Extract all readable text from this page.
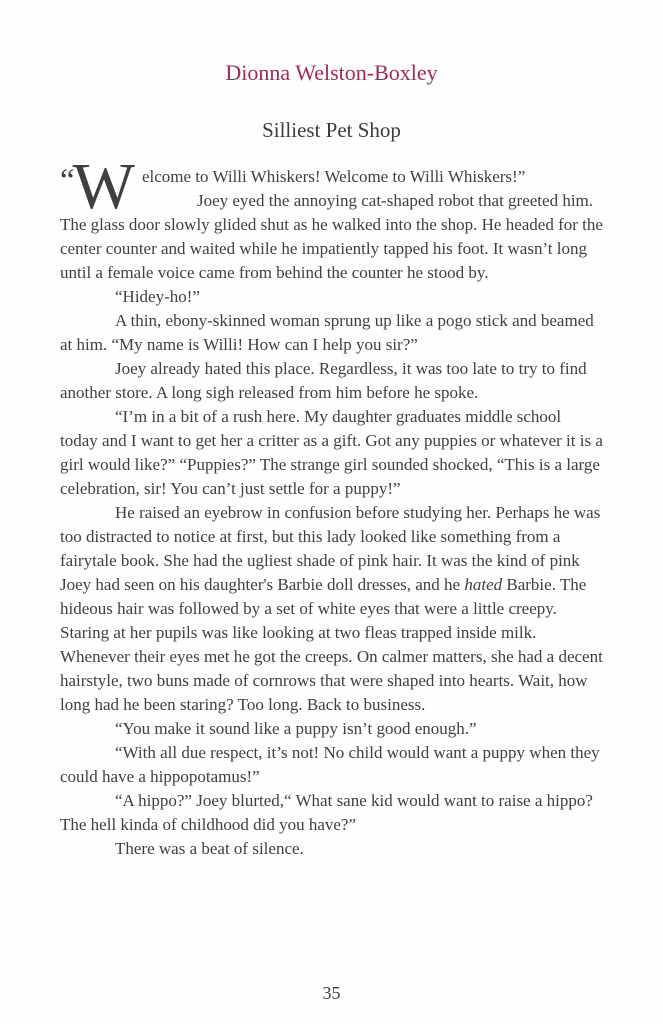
Dionna Welston-Boxley
Silliest Pet Shop

“ W elcome to Willi Whiskers! Welcome to Willi Whiskers!”

Joey eyed the annoying cat-shaped robot that greeted him. The glass door slowly glided shut as he walked into the shop. He headed for the center counter and waited while he impatiently tapped his foot. It wasn’t long until a female voice came from behind the counter he stood by.

“Hidey-ho!”

A thin, ebony-skinned woman sprung up like a pogo stick and beamed at him. “My name is Willi! How can I help you sir?”

Joey already hated this place. Regardless, it was too late to try to find another store. A long sigh released from him before he spoke.

“I’m in a bit of a rush here. My daughter graduates middle school today and I want to get her a critter as a gift. Got any puppies or whatever it is a girl would like?” “Puppies?” The strange girl sounded shocked, “This is a large celebration, sir! You can’t just settle for a puppy!”

He raised an eyebrow in confusion before studying her. Perhaps he was too distracted to notice at first, but this lady looked like something from a fairytale book. She had the ugliest shade of pink hair. It was the kind of pink Joey had seen on his daughter's Barbie doll dresses, and he hated Barbie. The hideous hair was followed by a set of white eyes that were a little creepy. Staring at her pupils was like looking at two fleas trapped inside milk. Whenever their eyes met he got the creeps. On calmer matters, she had a decent hairstyle, two buns made of cornrows that were shaped into hearts. Wait, how long had he been staring? Too long. Back to business.

“You make it sound like a puppy isn’t good enough.”

“With all due respect, it’s not! No child would want a puppy when they could have a hippopotamus!”

“A hippo?” Joey blurted,“ What sane kid would want to raise a hippo? The hell kinda of childhood did you have?”

There was a beat of silence.

35
